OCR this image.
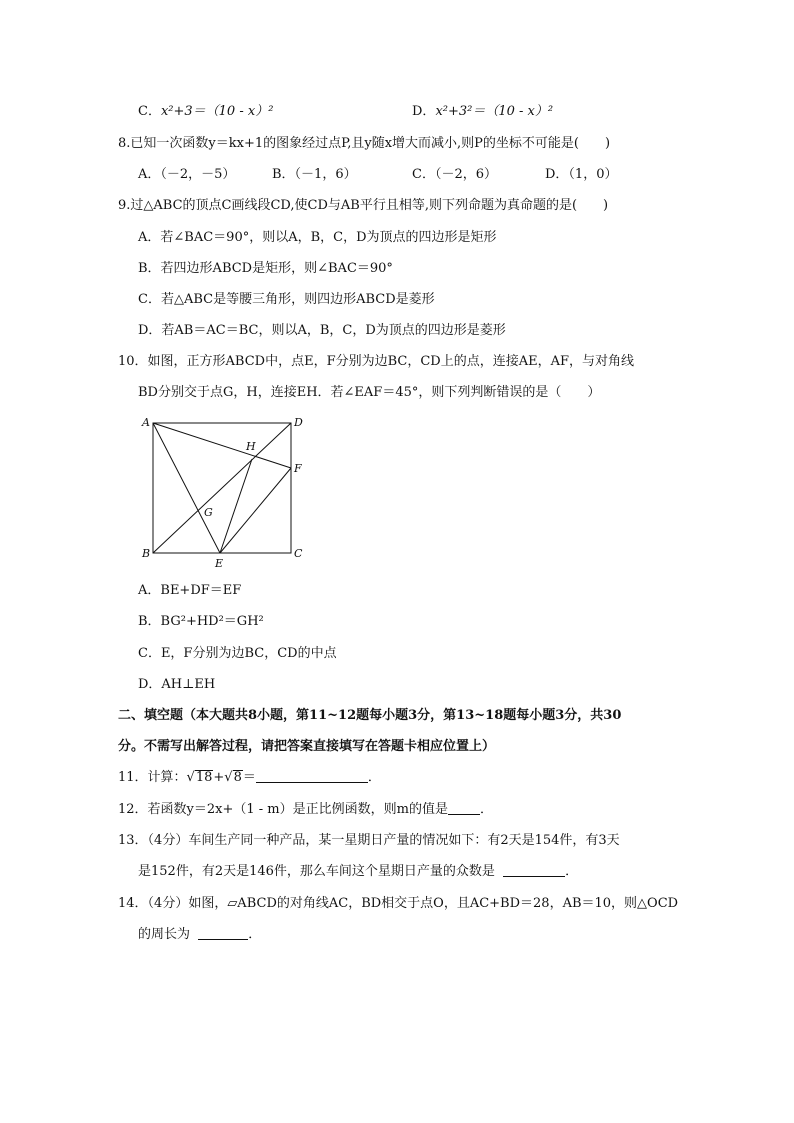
C．x²+3＝（10 - x）²	D．x²+3²＝（10 - x）²
8.已知一次函数y＝kx+1的图象经过点P,且y随x增大而减小,则P的坐标不可能是(　　)
A．（－2，－5）	B．（－1，6）	C．（－2，6）	D．（1，0）
9.过△ABC的顶点C画线段CD,使CD与AB平行且相等,则下列命题为真命题的是(　　)
A．若∠BAC＝90°，则以A，B，C，D为顶点的四边形是矩形
B．若四边形ABCD是矩形，则∠BAC＝90°
C．若△ABC是等腰三角形，则四边形ABCD是菱形
D．若AB＝AC＝BC，则以A，B，C，D为顶点的四边形是菱形
10．如图，正方形ABCD中，点E，F分别为边BC，CD上的点，连接AE，AF，与对角线
BD分别交于点G，H，连接EH．若∠EAF＝45°，则下列判断错误的是（　　）
A	D
H
F
G
B
E
C
A．BE+DF＝EF
B．BG²+HD²＝GH²
C．E，F分别为边BC，CD的中点
D．AH⊥EH
二、填空题（本大题共8小题，第11~12题每小题3分，第13~18题每小题3分，共30
分。不需写出解答过程，请把答案直接填写在答题卡相应位置上）
11．计算：√18+√8＝	．
12．若函数y＝2x+（1 - m）是正比例函数，则m的值是 ．
13．（4分）车间生产同一种产品，某一星期日产量的情况如下：有2天是154件，有3天
是152件，有2天是146件，那么车间这个星期日产量的众数是	．
14．（4分）如图，▱ABCD的对角线AC，BD相交于点O，且AC+BD＝28，AB＝10，则△OCD
的周长为	．
